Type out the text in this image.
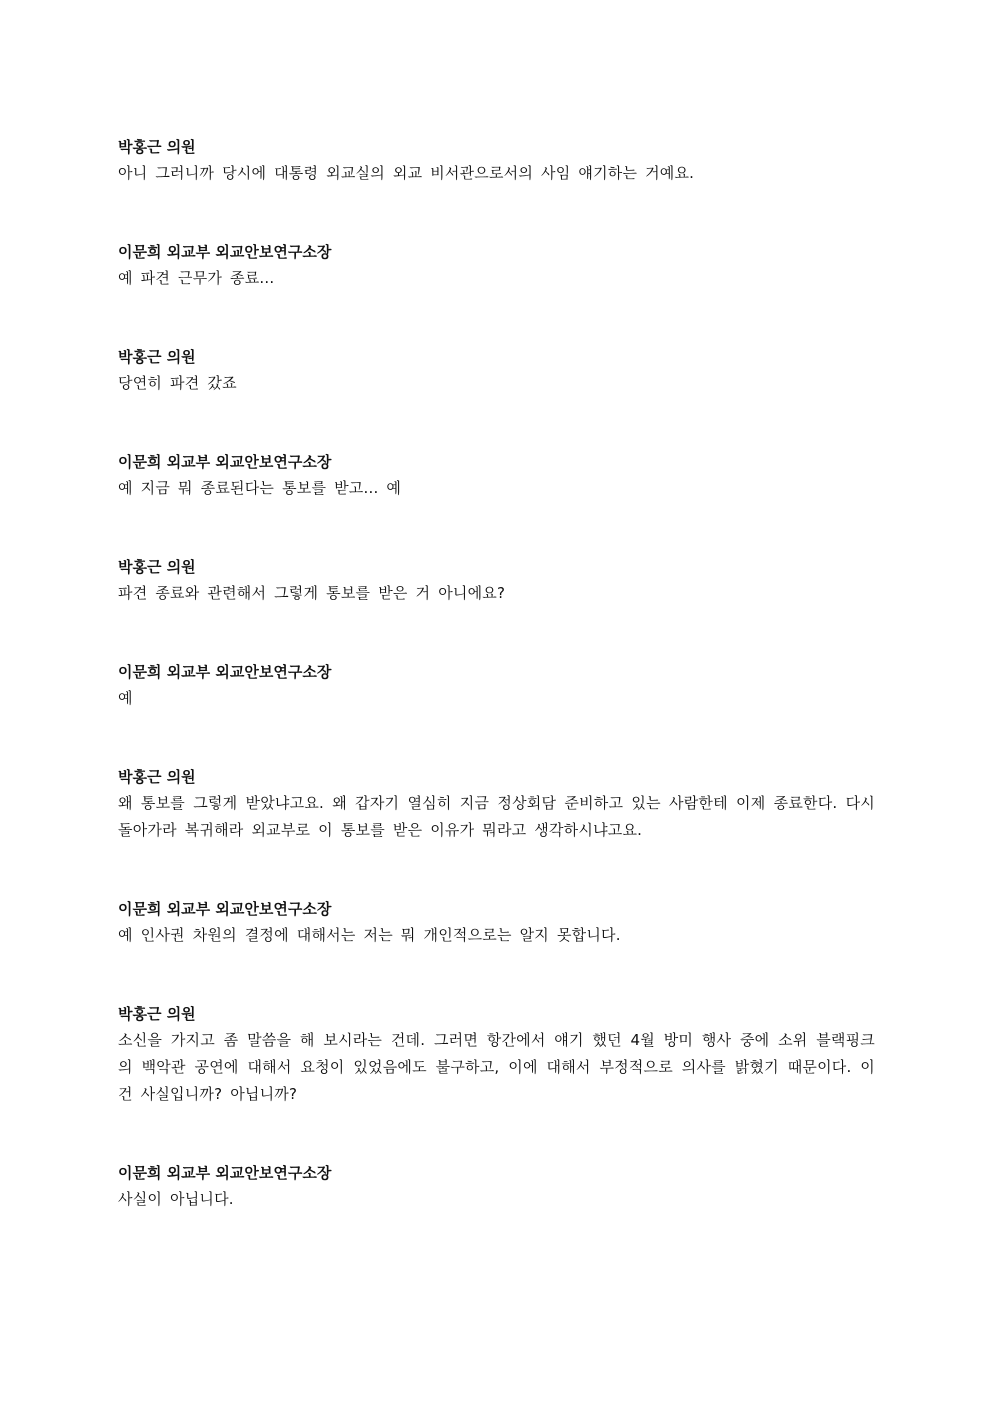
박홍근 의원
아니 그러니까 당시에 대통령 외교실의 외교 비서관으로서의 사임 얘기하는 거예요.
이문희 외교부 외교안보연구소장
예 파견 근무가 종료...
박홍근 의원
당연히 파견 갔죠
이문희 외교부 외교안보연구소장
예 지금 뭐 종료된다는 통보를 받고... 예
박홍근 의원
파견 종료와 관련해서 그렇게 통보를 받은 거 아니에요?
이문희 외교부 외교안보연구소장
예
박홍근 의원
왜 통보를 그렇게 받았냐고요. 왜 갑자기 열심히 지금 정상회담 준비하고 있는 사람한테 이제 종료한다. 다시 돌아가라 복귀해라 외교부로 이 통보를 받은 이유가 뭐라고 생각하시냐고요.
이문희 외교부 외교안보연구소장
예 인사권 차원의 결정에 대해서는 저는 뭐 개인적으로는 알지 못합니다.
박홍근 의원
소신을 가지고 좀 말씀을 해 보시라는 건데. 그러면 항간에서 얘기 했던 4월 방미 행사 중에 소위 블랙핑크의 백악관 공연에 대해서 요청이 있었음에도 불구하고, 이에 대해서 부정적으로 의사를 밝혔기 때문이다. 이건 사실입니까? 아닙니까?
이문희 외교부 외교안보연구소장
사실이 아닙니다.
